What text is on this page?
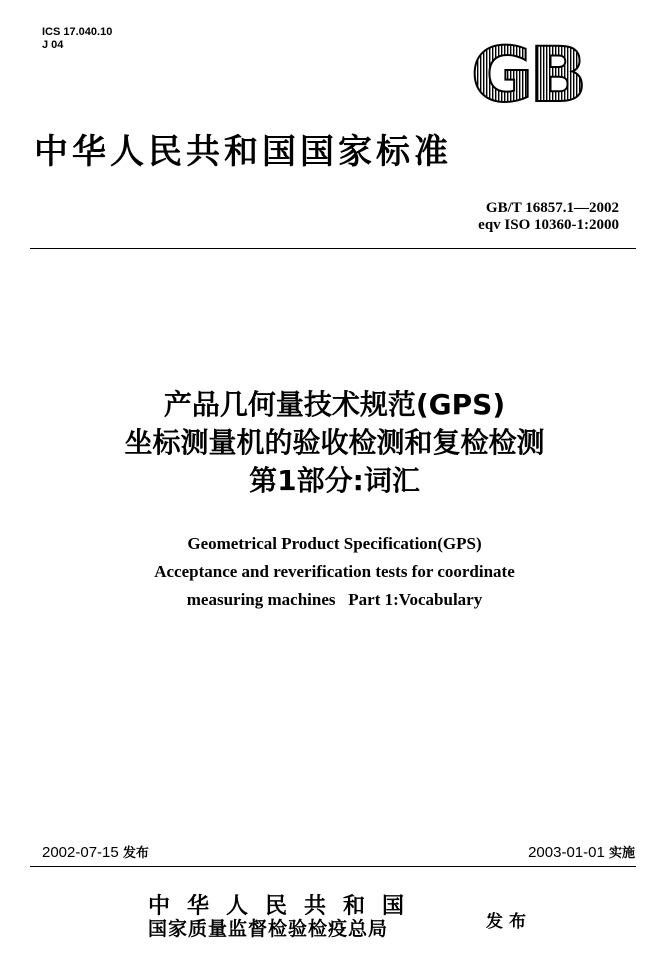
ICS 17.040.10
J 04	GB
中华人民共和国国家标准
GB/T 16857.1—2002
eqv ISO 10360-1:2000
产品几何量技术规范(GPS)
坐标测量机的验收检测和复检检测
第1部分:词汇
Geometrical Product Specification(GPS)
Acceptance and reverification tests for coordinate
measuring machines   Part 1:Vocabulary
2002-07-15 发布	2003-01-01 实施
中华人民共和国
国家质量监督检验检疫总局	发布
